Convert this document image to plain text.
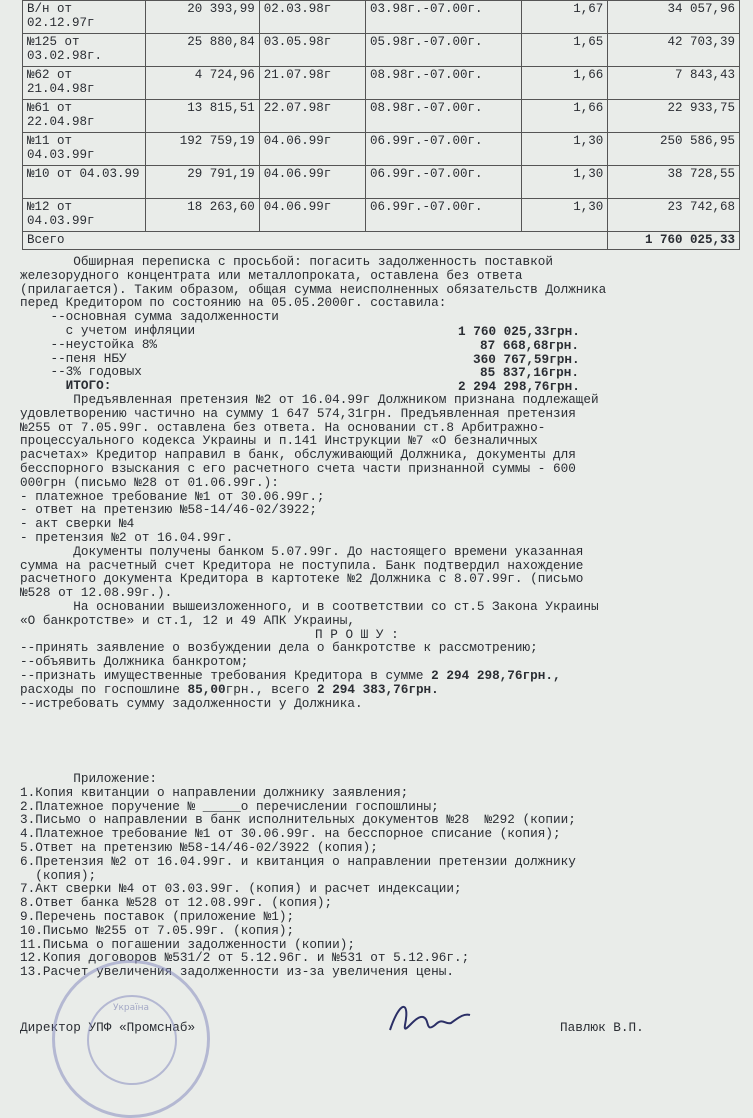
В/н от 02.12.97г	20 393,99	02.03.98г	03.98г.-07.00г.	1,67	34 057,96
№125 от 03.02.98г.	25 880,84	03.05.98г	05.98г.-07.00г.	1,65	42 703,39
№62 от 21.04.98г	4 724,96	21.07.98г	08.98г.-07.00г.	1,66	7 843,43
№61 от 22.04.98г	13 815,51	22.07.98г	08.98г.-07.00г.	1,66	22 933,75
№11 от 04.03.99г	192 759,19	04.06.99г	06.99г.-07.00г.	1,30	250 586,95
№10 от 04.03.99	29 791,19	04.06.99г	06.99г.-07.00г.	1,30	38 728,55
№12 от 04.03.99г	18 263,60	04.06.99г	06.99г.-07.00г.	1,30	23 742,68
Всего					1 760 025,33
Обширная переписка с просьбой: погасить задолженность поставкой
железорудного концентрата или металлопроката, оставлена без ответа
(прилагается). Таким образом, общая сумма неисполненных обязательств Должника
перед Кредитором по состоянию на 05.05.2000г. составила:
--основная сумма задолженности
с учетом инфляции	1 760 025,33грн.
--неустойка 8%	87 668,68грн.
--пеня НБУ	360 767,59грн.
--3% годовых	85 837,16грн.
ИТОГО:	2 294 298,76грн.
Предъявленная претензия №2 от 16.04.99г Должником признана подлежащей
удовлетворению частично на сумму 1 647 574,31грн. Предъявленная претензия
№255 от 7.05.99г. оставлена без ответа. На основании ст.8 Арбитражно-
процессуального кодекса Украины и п.141 Инструкции №7 «О безналичных
расчетах» Кредитор направил в банк, обслуживающий Должника, документы для
бесспорного взыскания с его расчетного счета части признанной суммы - 600
000грн (письмо №28 от 01.06.99г.):
- платежное требование №1 от 30.06.99г.;
- ответ на претензию №58-14/46-02/3922;
- акт сверки №4
- претензия №2 от 16.04.99г.
Документы получены банком 5.07.99г. До настоящего времени указанная
сумма на расчетный счет Кредитора не поступила. Банк подтвердил нахождение
расчетного документа Кредитора в картотеке №2 Должника с 8.07.99г. (письмо
№528 от 12.08.99г.).
На основании вышеизложенного, и в соответствии со ст.5 Закона Украины
«О банкротстве» и ст.1, 12 и 49 АПК Украины,
П Р О Ш У :
--принять заявление о возбуждении дела о банкротстве к рассмотрению;
--объявить Должника банкротом;
--признать имущественные требования Кредитора в сумме 2 294 298,76грн.,
расходы по госпошлине 85,00грн., всего 2 294 383,76грн.
--истребовать сумму задолженности у Должника.
Приложение:
1.Копия квитанции о направлении должнику заявления;
2.Платежное поручение № _____о перечислении госпошлины;
3.Письмо о направлении в банк исполнительных документов №28  №292 (копии;
4.Платежное требование №1 от 30.06.99г. на бесспорное списание (копия);
5.Ответ на претензию №58-14/46-02/3922 (копия);
6.Претензия №2 от 16.04.99г. и квитанция о направлении претензии должнику
(копия);
7.Акт сверки №4 от 03.03.99г. (копия) и расчет индексации;
8.Ответ банка №528 от 12.08.99г. (копия);
9.Перечень поставок (приложение №1);
10.Письмо №255 от 7.05.99г. (копия);
11.Письма о погашении задолженности (копии);
12.Копия договоров №531/2 от 5.12.96г. и №531 от 5.12.96г.;
13.Расчет увеличения задолженности из-за увеличения цены.
Директор УПФ «Промснаб»	Павлюк В.П.
Україна
